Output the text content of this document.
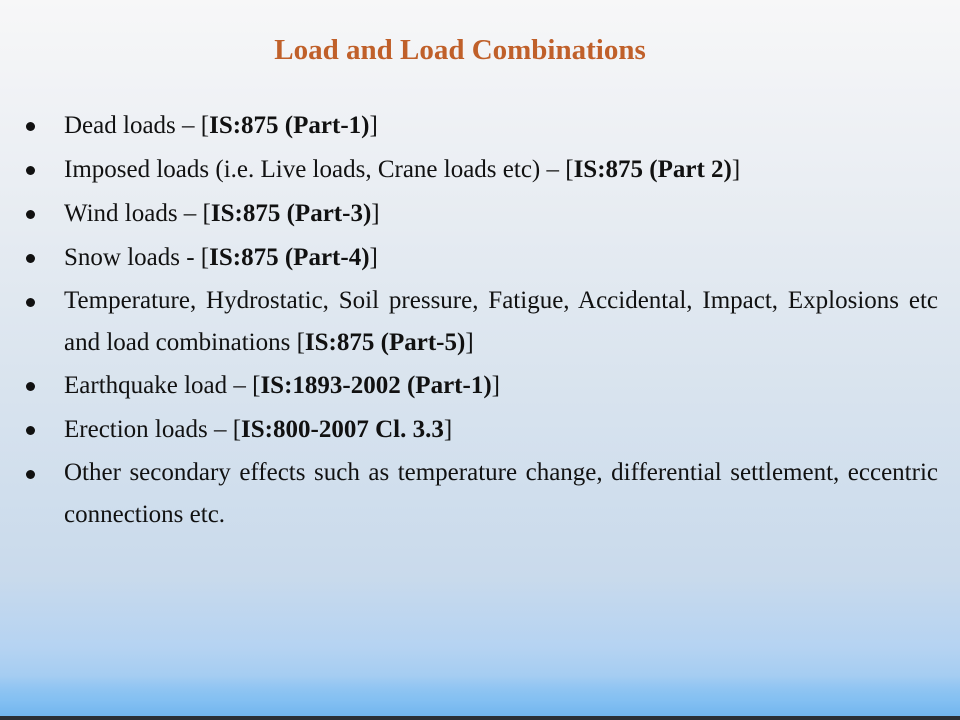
Load and Load Combinations
Dead loads – [IS:875 (Part-1)]
Imposed loads (i.e. Live loads, Crane loads etc) – [IS:875 (Part 2)]
Wind loads – [IS:875 (Part-3)]
Snow loads - [IS:875 (Part-4)]
Temperature, Hydrostatic, Soil pressure, Fatigue, Accidental, Impact, Explosions etc and load combinations [IS:875 (Part-5)]
Earthquake load – [IS:1893-2002 (Part-1)]
Erection loads – [IS:800-2007 Cl. 3.3]
Other secondary effects such as temperature change, differential settlement, eccentric connections etc.
